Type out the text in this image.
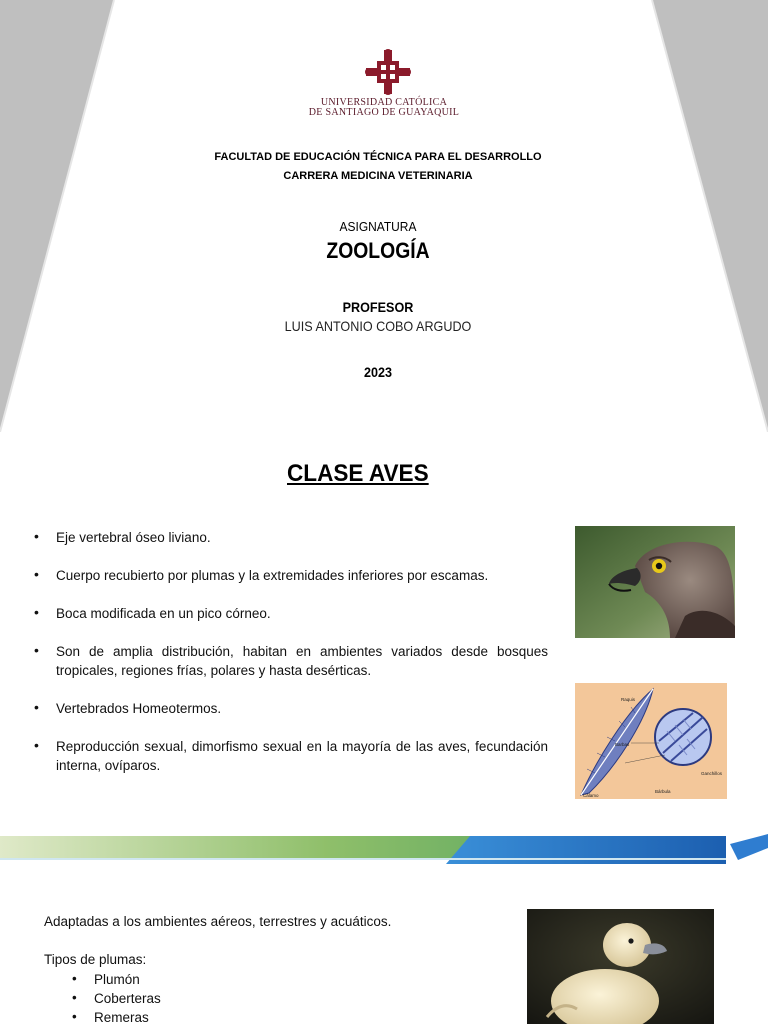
UNIVERSIDAD CATÓLICA
DE SANTIAGO DE GUAYAQUIL
FACULTAD DE EDUCACIÓN TÉCNICA PARA EL DESARROLLO
CARRERA MEDICINA VETERINARIA
ASIGNATURA
ZOOLOGÍA
PROFESOR
LUIS ANTONIO COBO ARGUDO
2023
CLASE AVES
• Eje vertebral óseo liviano.
• Cuerpo recubierto por plumas y la extremidades inferiores por escamas.
• Boca modificada en un pico córneo.
• Son de amplia distribución, habitan en ambientes variados desde bosques tropicales, regiones frías, polares y hasta desérticas.
• Vertebrados Homeotermos.
• Reproducción sexual, dimorfismo sexual en la mayoría de las aves, fecundación interna, ovíparos.
Raquis
Barbas
Cálamo
Bárbula
Ganchillos
Adaptadas a los ambientes aéreos, terrestres y acuáticos.
Tipos de plumas:
• Plumón
• Coberteras
• Remeras
